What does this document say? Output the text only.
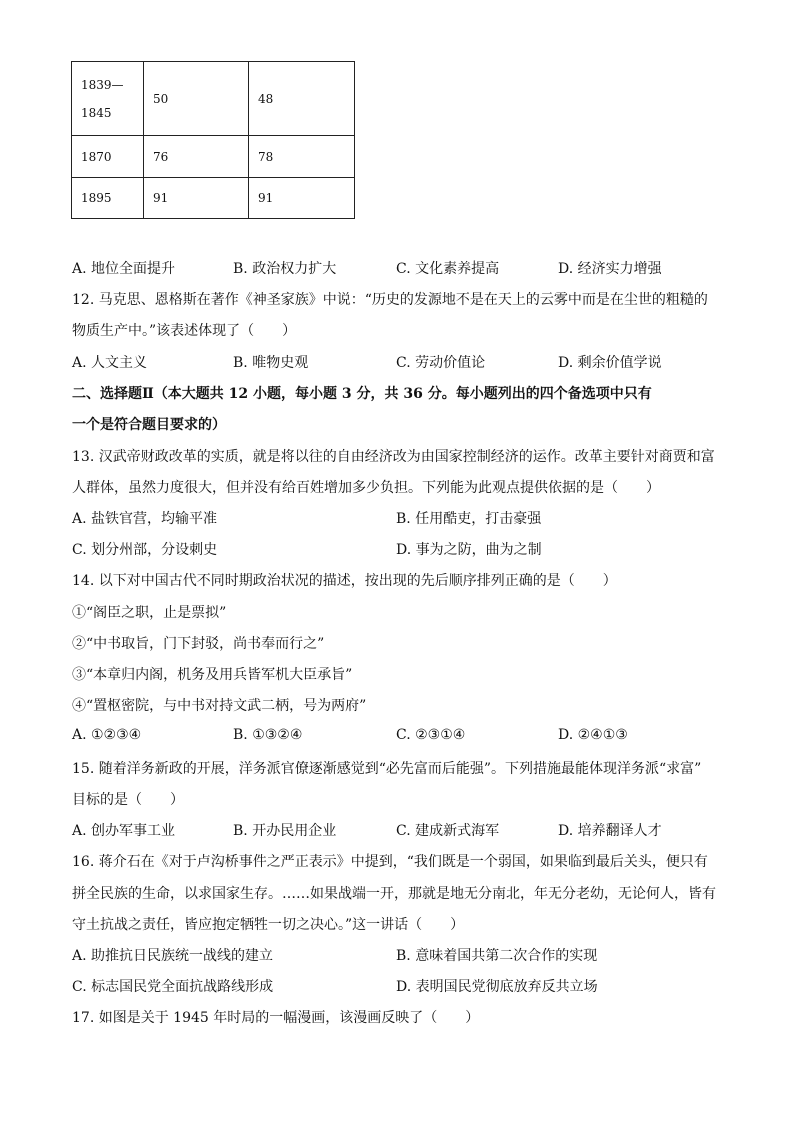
1839—
1845	50	48
1870	76	78
1895	91	91
A. 地位全面提升	B. 政治权力扩大	C. 文化素养提高	D. 经济实力增强
12. 马克思、恩格斯在著作《神圣家族》中说：“历史的发源地不是在天上的云雾中而是在尘世的粗糙的
物质生产中。”该表述体现了（　　）
A. 人文主义	B. 唯物史观	C. 劳动价值论	D. 剩余价值学说
二、选择题Ⅱ（本大题共 12 小题，每小题 3 分，共 36 分。每小题列出的四个备选项中只有
一个是符合题目要求的）
13. 汉武帝财政改革的实质，就是将以往的自由经济改为由国家控制经济的运作。改革主要针对商贾和富
人群体，虽然力度很大，但并没有给百姓增加多少负担。下列能为此观点提供依据的是（　　）
A. 盐铁官营，均输平准	B. 任用酷吏，打击豪强
C. 划分州部，分设刺史	D. 事为之防，曲为之制
14. 以下对中国古代不同时期政治状况的描述，按出现的先后顺序排列正确的是（　　）
①“阁臣之职，止是票拟”
②“中书取旨，门下封驳，尚书奉而行之”
③“本章归内阁，机务及用兵皆军机大臣承旨”
④“置枢密院，与中书对持文武二柄，号为两府”
A. ①②③④	B. ①③②④	C. ②③①④	D. ②④①③
15. 随着洋务新政的开展，洋务派官僚逐渐感觉到“必先富而后能强”。下列措施最能体现洋务派“求富”
目标的是（　　）
A. 创办军事工业	B. 开办民用企业	C. 建成新式海军	D. 培养翻译人才
16. 蒋介石在《对于卢沟桥事件之严正表示》中提到，“我们既是一个弱国，如果临到最后关头，便只有
拼全民族的生命，以求国家生存。……如果战端一开，那就是地无分南北，年无分老幼，无论何人，皆有
守土抗战之责任，皆应抱定牺牲一切之决心。”这一讲话（　　）
A. 助推抗日民族统一战线的建立	B. 意味着国共第二次合作的实现
C. 标志国民党全面抗战路线形成	D. 表明国民党彻底放弃反共立场
17. 如图是关于 1945 年时局的一幅漫画，该漫画反映了（　　）
